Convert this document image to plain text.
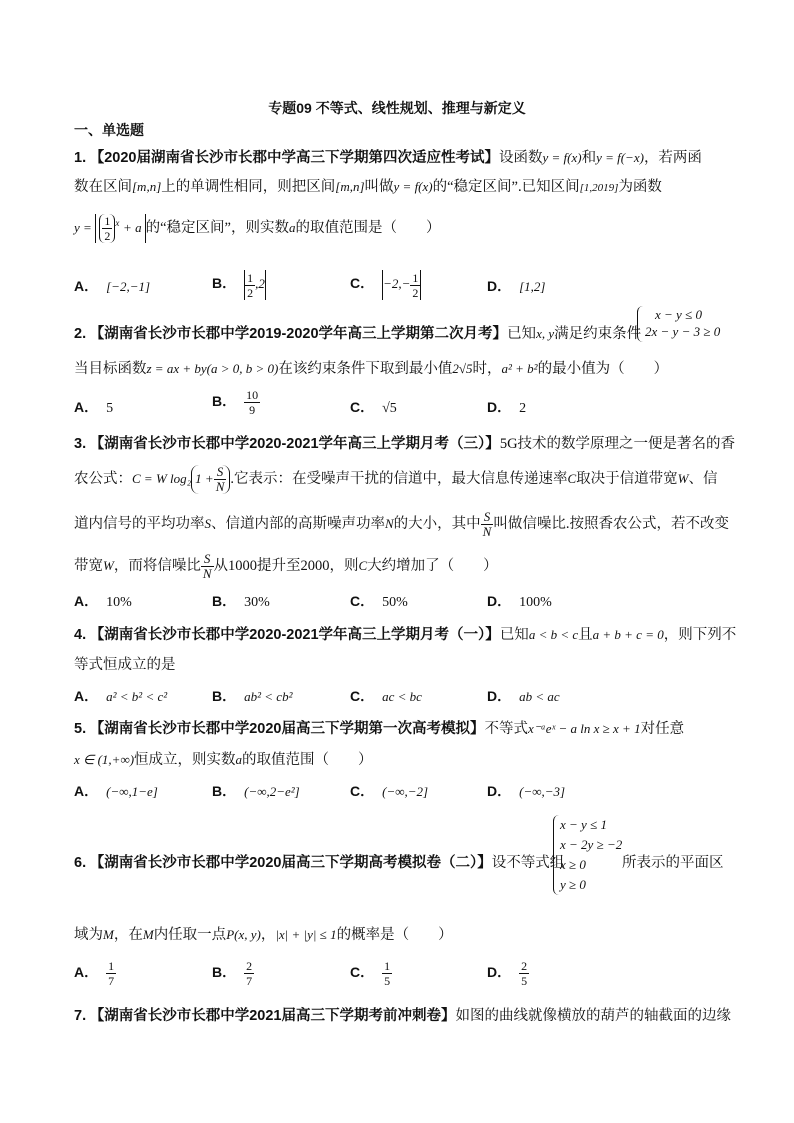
专题09 不等式、线性规划、推理与新定义
一、单选题
1. 【2020届湖南省长沙市长郡中学高三下学期第四次适应性考试】设函数y = f(x)和y = f(−x)，若两函
数在区间[m,n]上的单调性相同，则把区间[m,n]叫做y = f(x)的“稳定区间”.已知区间[1,2019]为函数
$y = \frac{1}{2} ^x + a$ 的“稳定区间”，则实数a的取值范围是（　　）
A． [−2,−1]	B． $\frac{1}{2} ,2$	C． $-2,- \frac{1}{2}$	D． [1,2]
2. 【湖南省长沙市长郡中学2019-2020学年高三上学期第二次月考】已知x, y满足约束条件
x − y ≤ 0
2x − y − 3 ≥ 0
当目标函数z = ax + by(a > 0, b > 0)在该约束条件下取到最小值2√5时，a² + b²的最小值为（　　）
A． 5	B． $\frac{10}{9}$	C． √5	D． 2
3. 【湖南省长沙市长郡中学2020-2021学年高三上学期月考（三）】5G技术的数学原理之一便是著名的香
农公式：C = W log₂ $1 + \frac{S}{N}$ .它表示：在受噪声干扰的信道中，最大信息传递速率C取决于信道带宽W、信
道内信号的平均功率S、信道内部的高斯噪声功率N的大小，其中 $\frac{S}{N}$ 叫做信噪比.按照香农公式，若不改变
带宽W，而将信噪比 $\frac{S}{N}$ 从1000提升至2000，则C大约增加了（　　）
A． 10%	B． 30%	C． 50%	D． 100%
4. 【湖南省长沙市长郡中学2020-2021学年高三上学期月考（一）】已知a < b < c且a + b + c = 0，则下列不
等式恒成立的是
A． a² < b² < c²	B． ab² < cb²	C． ac < bc	D． ab < ac
5. 【湖南省长沙市长郡中学2020届高三下学期第一次高考模拟】不等式x⁻ᵃeˣ − a ln x ≥ x + 1对任意
x ∈ (1,+∞)恒成立，则实数a的取值范围（　　）
A． (−∞,1−e]	B． (−∞,2−e²]	C． (−∞,−2]	D． (−∞,−3]
6. 【湖南省长沙市长郡中学2020届高三下学期高考模拟卷（二）】设不等式组
x − y ≤ 1
x − 2y ≥ −2
x ≥ 0
y ≥ 0
所表示的平面区
域为M，在M内任取一点P(x, y)，|x| + |y| ≤ 1的概率是（　　）
A． $\frac{1}{7}$	B． $\frac{2}{7}$	C． $\frac{1}{5}$	D． $\frac{2}{5}$
7. 【湖南省长沙市长郡中学2021届高三下学期考前冲刺卷】如图的曲线就像横放的葫芦的轴截面的边缘
